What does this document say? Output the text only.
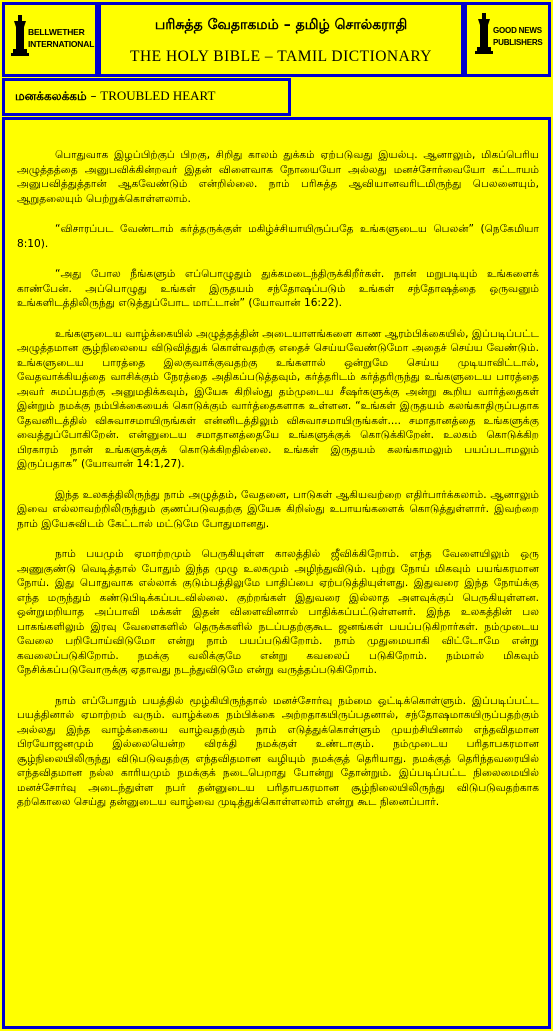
BELLWETHER
INTERNATIONAL
பரிசுத்த வேதாகமம் – தமிழ் சொல்கராதி
THE HOLY BIBLE – TAMIL DICTIONARY
GOOD NEWS
PUBLISHERS
மனக்கலக்கம் – TROUBLED HEART

பொதுவாக இழப்பிற்குப் பிறகு, சிறிது காலம் துக்கம் ஏற்படுவது இயல்பு. ஆனாலும், மிகப்பெரிய அழுத்தத்தை அனுபவிக்கின்றவர் இதன் விளைவாக நோயையோ அல்லது மனச்சோர்வையோ கட்டாயம் அனுபவித்துத்தான் ஆகவேண்டும் என்றில்லை. நாம் பரிசுத்த ஆவியானவரிடமிருந்து பெலனையும், ஆறுதலையும் பெற்றுக்கொள்ளலாம்.

“விசாரப்பட வேண்டாம் கர்த்தருக்குள் மகிழ்ச்சியாயிருப்பதே உங்களுடைய பெலன்” (நெகேமியா 8:10).

“அது போல நீங்களும் எப்பொழுதும் துக்கமடைந்திருக்கிறீர்கள். நான் மறுபடியும் உங்களைக் காண்பேன். அப்பொழுது உங்கள் இருதயம் சந்தோஷப்படும் உங்கள் சந்தோஷத்தை ஒருவனும் உங்களிடத்திலிருந்து எடுத்துப்போட மாட்டான்” (யோவான் 16:22).

உங்களுடைய வாழ்க்கையில் அழுத்தத்தின் அடையாளங்களை காண ஆரம்பிக்கையில், இப்படிப்பட்ட அழுத்தமான சூழ்நிலையை விடுவித்துக் கொள்வதற்கு எதைச் செய்யவேண்டுமோ அதைச் செய்ய வேண்டும். உங்களுடைய பாரத்தை இலகுவாக்குவதற்கு உங்களால் ஒன்றுமே செய்ய முடியாவிட்டால், வேதவாக்கியத்தை வாசிக்கும் நேரத்தை அதிகப்படுத்தவும், கர்த்தரிடம் கர்த்தரிருந்து உங்களுடைய பாரத்தை அவர் சுமப்பதற்கு அனுமதிக்கவும், இயேசு கிறிஸ்து தம்முடைய சீஷர்களுக்கு அன்று கூறிய வார்த்தைகள் இன்றும் நமக்கு நம்பிக்கையைக் கொடுக்கும் வார்த்தைகளாக உள்ளன. “உங்கள் இருதயம் கலங்காதிருப்பதாக தேவனிடத்தில் விசுவாசமாயிருங்கள் என்னிடத்திலும் விசுவாசமாயிருங்கள்.... சமாதானத்தை உங்களுக்கு வைத்துப்போகிறேன். என்னுடைய சமாதானத்தையே உங்களுக்குக் கொடுக்கிறேன். உலகம் கொடுக்கிற பிரகாரம் நான் உங்களுக்குக் கொடுக்கிறதில்லை. உங்கள் இருதயம் கலங்காமலும் பயப்படாமலும் இருப்பதாக” (யோவான் 14:1,27).

இந்த உலகத்திலிருந்து நாம் அழுத்தம், வேதனை, பாடுகள் ஆகியவற்றை எதிர்பார்க்கலாம். ஆனாலும் இவை எல்லாவற்றிலிருந்தும் குணப்படுவதற்கு இயேசு கிறிஸ்து உபாயங்களைக் கொடுத்துள்ளார். இவற்றை நாம் இயேசுவிடம் கேட்டால் மட்டுமே போதுமானது.

நாம் பயமும் ஏமாற்றமும் பெருகியுள்ள காலத்தில் ஜீவிக்கிறோம். எந்த வேளையிலும் ஒரு அணுகுண்டு வெடித்தால் போதும் இந்த முழு உலகமும் அழிந்துவிடும். புற்று நோய் மிகவும் பயங்கரமான நோய். இது பொதுவாக எல்லாக் குடும்பத்திலுமே பாதிப்பை ஏற்படுத்தியுள்ளது. இதுவரை இந்த நோய்க்கு எந்த மருந்தும் கண்டுபிடிக்கப்படவில்லை. குற்றங்கள் இதுவரை இல்லாத அளவுக்குப் பெருகியுள்ளன. ஒன்றுமறியாத அப்பாவி மக்கள் இதன் விளைவினால் பாதிக்கப்பட்டுள்ளனர். இந்த உலகத்தின் பல பாகங்களிலும் இரவு வேளைகளில் தெருக்களில் நடப்பதற்குகூட ஜனங்கள் பயப்படுகிறார்கள். நம்முடைய வேலை பறிபோய்விடுமோ என்று நாம் பயப்படுகிறோம். நாம் முதுமையாகி விட்டோமே என்று கவலைப்படுகிறோம். நமக்கு வலிக்குமே என்று கவலைப் படுகிறோம். நம்மால் மிகவும் நேசிக்கப்படுவோருக்கு ஏதாவது நடந்துவிடுமே என்று வருத்தப்படுகிறோம்.

நாம் எப்போதும் பயத்தில் மூழ்கியிருந்தால் மனச்சோர்வு நம்மை ஒட்டிக்கொள்ளும். இப்படிப்பட்ட பயத்தினால் ஏமாற்றம் வரும். வாழ்க்கை நம்பிக்கை அற்றதாகயிருப்பதனால், சந்தோஷமாகயிருப்பதற்கும் அல்லது இந்த வாழ்க்கையை வாழ்வதற்கும் நாம் எடுத்துக்கொள்ளும் முயற்சியினால் எந்தவிதமான பிரயோஜனமும் இல்லையென்ற விரக்தி நமக்குள் உண்டாகும். நம்முடைய பரிதாபகரமான சூழ்நிலையிலிருந்து விடுபடுவதற்கு எந்தவிதமான வழியும் நமக்குத் தெரியாது. நமக்குத் தெரிந்தவரையில் எந்தவிதமான நல்ல காரியமும் நமக்குக் நடைபெறாது போன்று தோன்றும். இப்படிப்பட்ட நிலைமையில் மனச்சோர்வு அடைந்துள்ள நபர் தன்னுடைய பரிதாபகரமான சூழ்நிலையிலிருந்து விடுபடுவதற்காக தற்கொலை செய்து தன்னுடைய வாழ்வை முடித்துக்கொள்ளலாம் என்று கூட நினைப்பார்.
